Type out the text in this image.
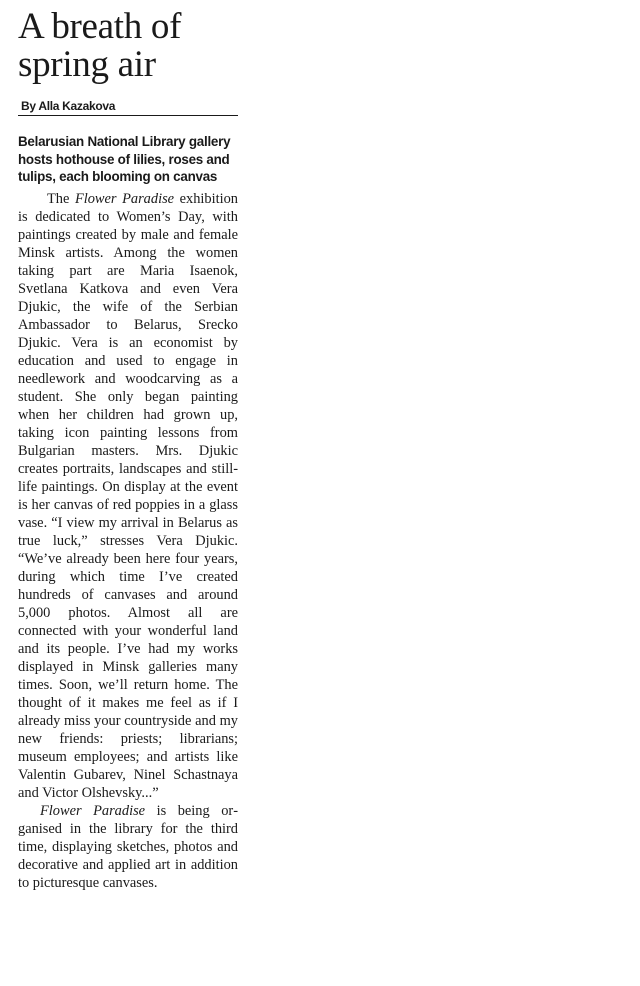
A breath of
spring air
By Alla Kazakova
Belarusian National Library gallery hosts hothouse of lilies, roses and tulips, each blooming on canvas

The Flower Paradise exhibition is dedicated to Women’s Day, with paintings created by male and female Minsk artists. Among the women taking part are Maria Isaenok, Svetlana Katkova and even Vera Djukic, the wife of the Serbian Ambassador to Belarus, Srecko Djukic. Vera is an economist by education and used to engage in needlework and woodcarving as a student. She only began painting when her children had grown up, taking icon painting lessons from Bulgarian masters. Mrs. Djukic creates portraits, landscapes and still-life paintings. On display at the event is her canvas of red poppies in a glass vase. “I view my arrival in Belarus as true luck,” stresses Vera Djukic. “We’ve already been here four years, during which time I’ve created hundreds of canvases and around 5,000 photos. Almost all are connected with your wonderful land and its people. I’ve had my works displayed in Minsk galleries many times. Soon, we’ll return home. The thought of it makes me feel as if I already miss your countryside and my new friends: priests; librarians; museum employees; and artists like Valentin Gubarev, Ninel Schastnaya and Victor Olshevsky...”

Flower Paradise is being organised in the library for the third time, displaying sketches, photos and decorative and applied art in addition to picturesque canvases.
